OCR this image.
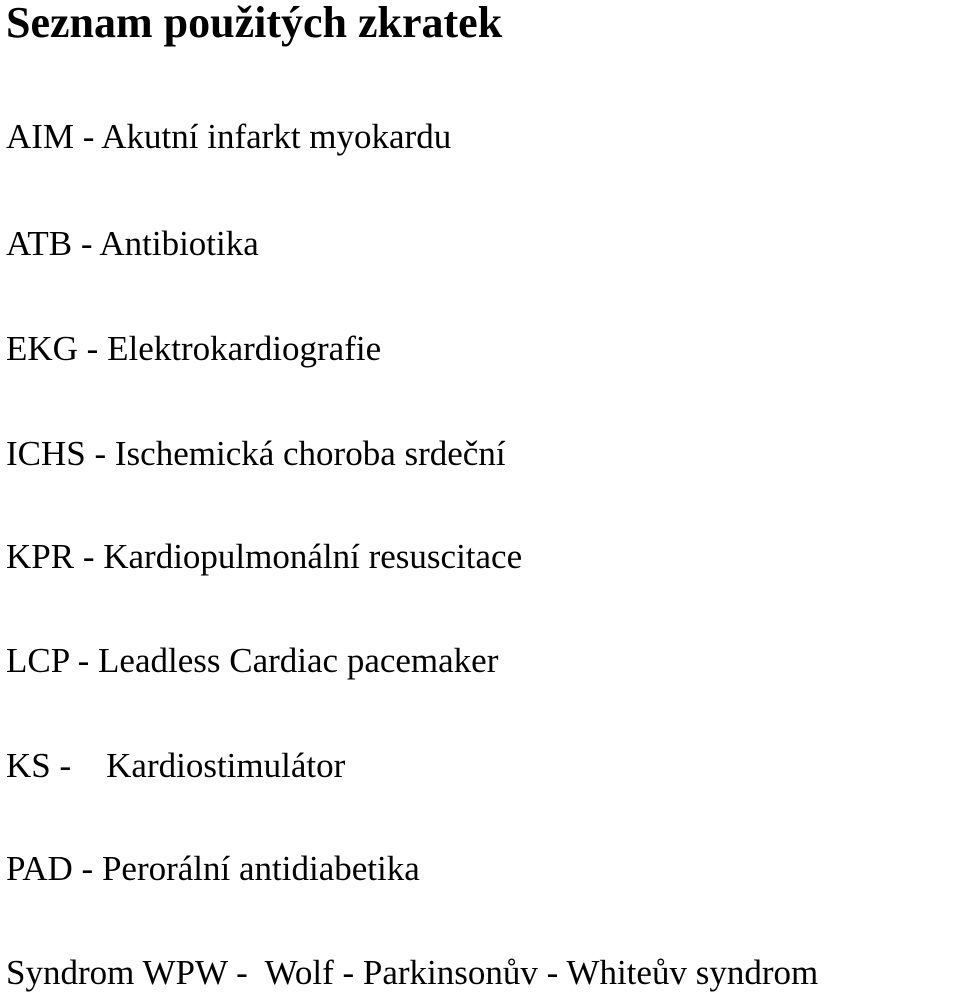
Seznam použitých zkratek
AIM - Akutní infarkt myokardu
ATB - Antibiotika
EKG - Elektrokardiografie
ICHS - Ischemická choroba srdeční
KPR - Kardiopulmonální resuscitace
LCP - Leadless Cardiac pacemaker
KS -    Kardiostimulátor
PAD - Perorální antidiabetika
Syndrom WPW -  Wolf - Parkinsonův - Whiteův syndrom
